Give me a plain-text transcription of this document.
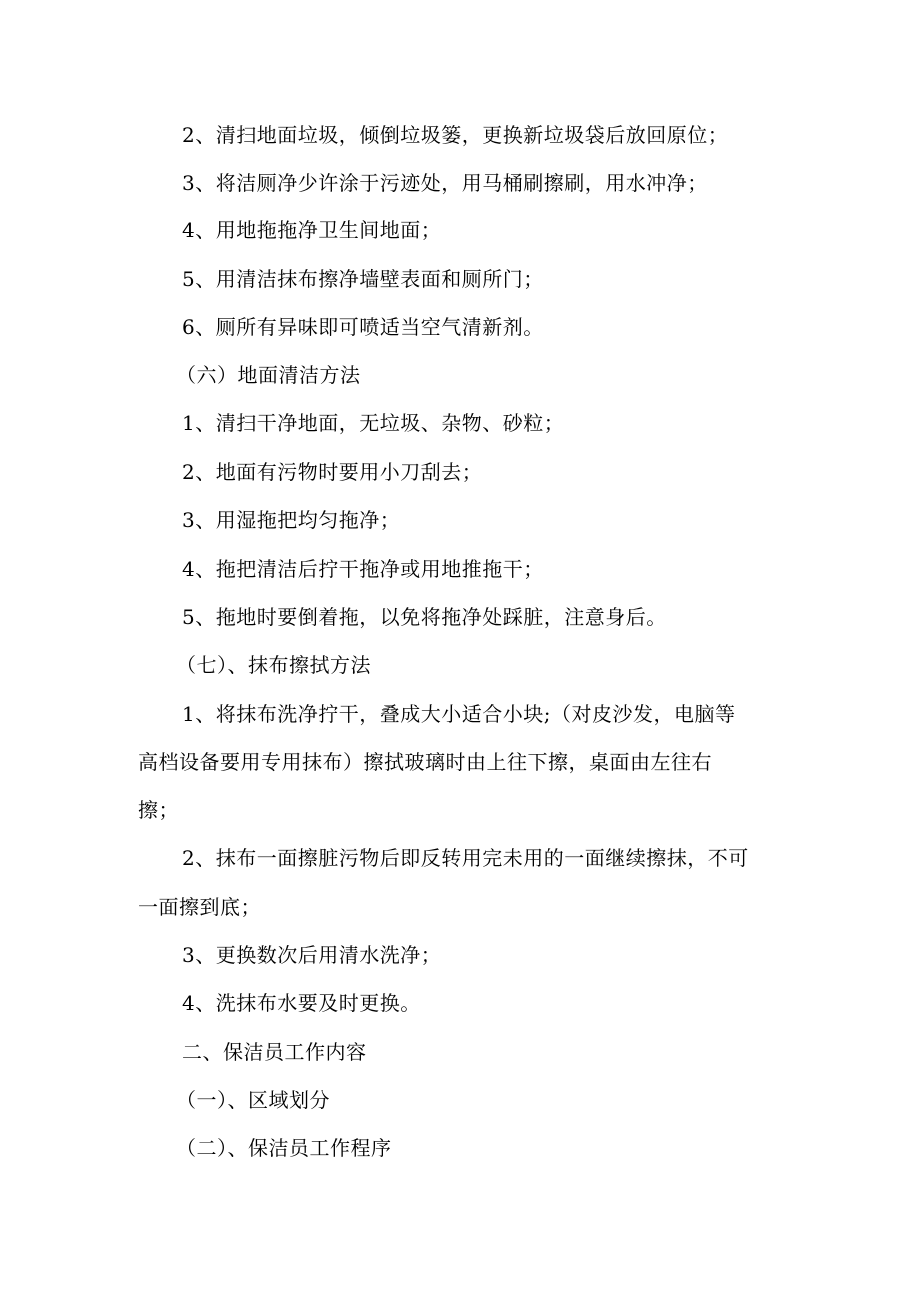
2、清扫地面垃圾，倾倒垃圾篓，更换新垃圾袋后放回原位；
3、将洁厕净少许涂于污迹处，用马桶刷擦刷，用水冲净；
4、用地拖拖净卫生间地面；
5、用清洁抹布擦净墙壁表面和厕所门；
6、厕所有异味即可喷适当空气清新剂。
（六）地面清洁方法
1、清扫干净地面，无垃圾、杂物、砂粒；
2、地面有污物时要用小刀刮去；
3、用湿拖把均匀拖净；
4、拖把清洁后拧干拖净或用地推拖干；
5、拖地时要倒着拖，以免将拖净处踩脏，注意身后。
（七）、抹布擦拭方法
1、将抹布洗净拧干，叠成大小适合小块;（对皮沙发，电脑等
高档设备要用专用抹布）擦拭玻璃时由上往下擦，桌面由左往右
擦；
2、抹布一面擦脏污物后即反转用完未用的一面继续擦抹，不可
一面擦到底；
3、更换数次后用清水洗净；
4、洗抹布水要及时更换。
二、保洁员工作内容
（一）、区域划分
（二）、保洁员工作程序
